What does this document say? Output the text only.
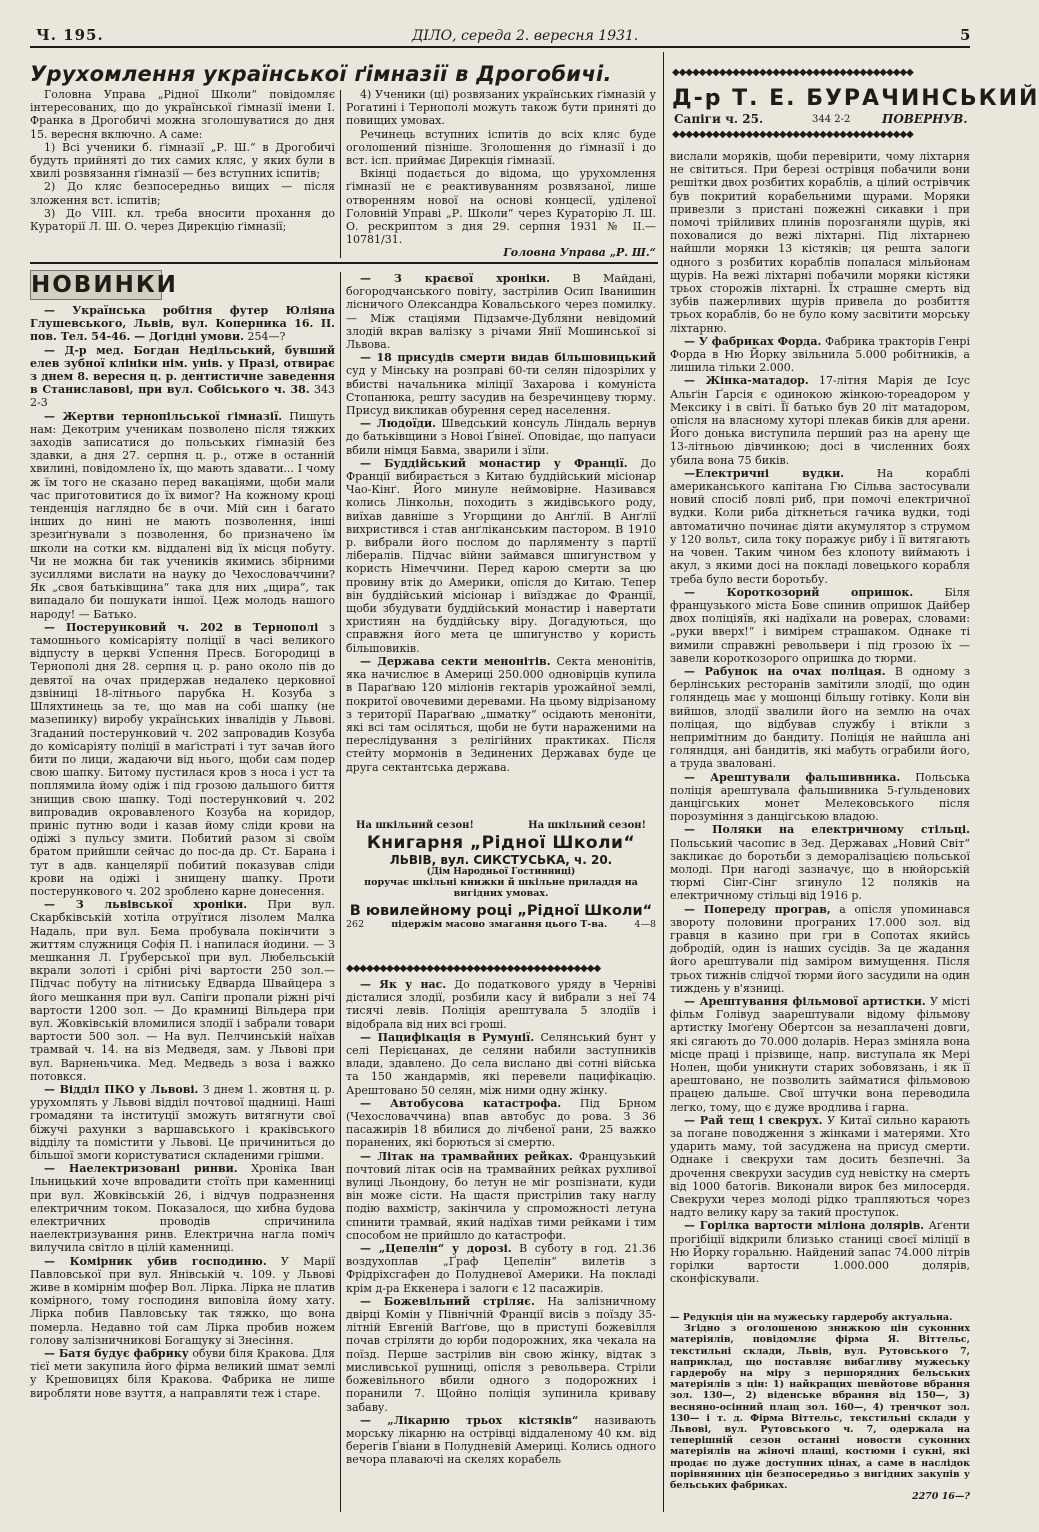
Ч. 195.	ДІЛО, середа 2. вересня 1931.	5
Урухомлення української ґімназії в Дрогобичі.

Головна Управа „Рідної Школи“ повідомляє інтересованих, що до української ґімназії імени І. Франка в Дрогобичі можна зголошуватися до дня 15. вересня включно. А саме:

1) Всі ученики б. ґімназії „Р. Ш.“ в Дрогобичі будуть прийняті до тих самих кляс, у яких були в хвилі розвязання ґімназії — без вступних іспитів;

2) До кляс безпосередньо вищих — після зложення вст. іспитів;

3) До VIII. кл. треба вносити прохання до Кураторії Л. Ш. О. через Дирекцію ґімназії;

4) Ученики (ці) розвязаних українських ґімназій у Рогатині і Тернополі можуть також бути приняті до повищих умовах.

Речинець вступних іспитів до всіх кляс буде оголошений пізніше. Зголошення до ґімназії і до вст. ісп. приймає Дирекція ґімназії.

Вкінці подається до відома, що урухомлення ґімназії не є реактивуванням розвязаної, лише отворенням нової на основі концесії, уділеної Головній Управі „Р. Школи“ через Кураторію Л. Ш. О. рескриптом з дня 29. серпня 1931 № II.—10781/31.

Головна Управа „Р. Ш.“

◆◆◆◆◆◆◆◆◆◆◆◆◆◆◆◆◆◆◆◆◆◆◆◆◆◆◆◆◆◆◆◆◆◆◆◆
Д-р Т. Е. БУРАЧИНСЬКИЙ
Сапіги ч. 25.	344 2-2	ПОВЕРНУВ.
◆◆◆◆◆◆◆◆◆◆◆◆◆◆◆◆◆◆◆◆◆◆◆◆◆◆◆◆◆◆◆◆◆◆◆◆
НОВИНКИ

— Українська робітня футер Юліяна Глушевського, Львів, вул. Коперника 16. II. пов. Тел. 54-46. — Догідні умови. 254—?

— Д-р мед. Богдан Недільський, бувший елев зубної клініки нім. унів. у Празі, отвирає з днем 8. вересня ц. р. дентистичне заведення в Станиславові, при вул. Собіського ч. 38. 343 2-3

— Жертви тернопільської ґімназії. Пишуть нам: Декотрим ученикам позволено після тяжких заходів записатися до польських ґімназій без здавки, а дня 27. серпня ц. р., отже в останній хвилині, повідомлено їх, що мають здавати... І чому ж їм того не сказано перед вакаціями, щоби мали час приготовитися до їх вимог? На кожному кроці тенденція наглядно бє в очи. Мій син і багато інших до нині не мають позволення, інші зрезиґнували з позволення, бо призначено їм школи на сотки км. віддалені від їх місця побуту. Чи не можна би так учеників якимись збірними зусиллями вислати на науку до Чехословаччини? Як „своя батьківщина“ така для них „щира“, так випадало би пошукати іншої. Цеж молодь нашого народу! — Батько.

— Постерунковий ч. 202 в Тернополі з тамошнього комісаріяту поліції в часі великого відпусту в церкві Успення Пресв. Богородиці в Тернополі дня 28. серпня ц. р. рано около пів до девятої на очах придержав недалеко церковної дзвіниці 18-літнього парубка Н. Козуба з Шляхтинець за те, що мав на собі шапку (не мазепинку) виробу українських інвалідів у Львові. Згаданий постерунковий ч. 202 запровадив Козуба до комісаріяту поліції в маґістраті і тут зачав його бити по лици, жадаючи від нього, щоби сам подер свою шапку. Битому пустилася кров з носа і уст та поплямила йому одіж і під грозою дальшого биття знищив свою шапку. Тоді постерунковий ч. 202 випровадив окровавленого Козуба на коридор, приніс путню води і казав йому сліди крови на одіжі з пульсу змити. Побитий разом зі своїм братом прийшли сейчас до пос-да др. Ст. Барана і тут в адв. канцелярії побитий показував сліди крови на одіжі і знищену шапку. Проти постерункового ч. 202 зроблено карне донесення.

— З львівської хроніки. При вул. Скарбківській хотіла отруїтися лізолем Малка Надаль, при вул. Бема пробувала покінчити з життям служниця Софія П. і напилася йодини. — З мешкання Л. Ґруберської при вул. Любельській вкрали золоті і срібні річі вартости 250 зол.—Підчас побуту на літниську Едварда Швайцера з його мешкання при вул. Сапіги пропали ріжні річі вартости 1200 зол. — До крамниці Вільдера при вул. Жовківській вломилися злодії і забрали товари вартости 500 зол. — На вул. Пелчинській наїхав трамвай ч. 14. на віз Медведя, зам. у Львові при вул. Варненьчика. Мед. Медведь з воза і важко потовкся.

— Відділ ПКО у Львові. З днем 1. жовтня ц. р. урухомлять у Львові відділ почтової щадниці. Наші громадяни та інституції зможуть витягнути свої біжучі рахунки з варшавського і краківського відділу та помістити у Львові. Це причиниться до більшої змоги користуватися складеними грішми.

— Наелектризовані ринви. Хроніка Іван Ільницький хоче впровадити стоїть при каменниці при вул. Жовківській 26, і відчув подразнення електричним током. Показалося, що хибна будова електричних проводів спричинила наелектризування ринв. Електрична нагла поміч вилучила світло в цілій каменниці.

— Комірник убив господиню. У Марії Павловської при вул. Янівській ч. 109. у Львові живе в комірнім шофер Вол. Лірка. Лірка не платив комірного, тому господиня виповіла йому хату. Лірка побив Павловську так тяжко, що вона померла. Недавно той сам Лірка пробив ножем голову залізничникові Богащуку зі Знесіння.

— Батя будує фабрику обуви біля Кракова. Для тієї мети закупила його фірма великий шмат землі у Крешовицях біля Кракова. Фабрика не лише виробляти нове взуття, а направляти теж і старе.

— З краєвої хроніки. В Майдані, богородчанського повіту, застрілив Осип Іванишин лісничого Олександра Ковальського через помилку. — Між стаціями Підзамче-Дубляни невідомий злодій вкрав валізку з річами Янії Мошинської зі Львова.

— 18 присудів смерти видав більшовицький суд у Мінську на розправі 60-ти селян підозрілих у вбистві начальника міліції Захарова і комуніста Стопанюка, решту засудив на безречинцеву тюрму. Присуд викликав обурення серед населення.

— Людоїди. Шведський консуль Ліндаль вернув до батьківщини з Новоі Ґвінеї. Оповідає, що папуаси вбили німця Бавма, зварили і зїли.

— Буддійський монастир у Франції. До Франції вибирається з Китаю буддійський місіонар Чао-Кінґ. Його минуле неймовірне. Називався колись Лінкольн, походить з жидівського роду, виїхав давніше з Угорщини до Анґлії. В Анґлії вихристився і став анґліканським пастором. В 1910 р. вибрали його послом до парляменту з партії лібералів. Підчас війни займався шпигунством у користь Німеччини. Перед карою смерти за цю провину втік до Америки, опісля до Китаю. Тепер він буддійський місіонар і виїзджає до Франції, щоби збудувати буддійський монастир і навертати християн на буддійську віру. Догадуються, що справжня його мета це шпигунство у користь більшовиків.

— Держава секти менонітів. Секта менонітів, яка начислює в Америці 250.000 одновірців купила в Параґваю 120 міліонів гектарів урожайної землі, покритої овочевими деревами. На цьому відрізаному з території Параґваю „шматку“ осідають меноніти, які всі там осіляться, щоби не бути нараженими на переслідування з релігійних практиках. Після стейту мормонів в Зединених Державах буде це друга сектантська держава.

На шкільний сезон!	На шкільний сезон!
Книгарня „Рідної Школи“
ЛЬВІВ, вул. СИКСТУСЬКА, ч. 20.
(Дім Народньої Гостинниці)
поручає шкільні книжки й шкільне приладдя на вигідних умовах.
В ювилейному році „Рідної Школи“
262	підержім масово змагання цього Т-ва.	4—8
◆◆◆◆◆◆◆◆◆◆◆◆◆◆◆◆◆◆◆◆◆◆◆◆◆◆◆◆◆◆◆◆◆◆◆◆◆◆

— Як у нас. До податкового уряду в Черніві дісталися злодії, розбили касу й вибрали з неї 74 тисячі левів. Поліція арештувала 5 злодіїв і відобрала від них всі гроші.

— Пацифікація в Румунії. Селянський бунт у селі Перієцанах, де селяни набили заступників влади, здавлено. До села вислано дві сотні війська та 150 жандармів, які перевели пацифікацію. Арештовано 50 селян, між ними одну жінку.

— Автобусова катастрофа. Під Брном (Чехословаччина) впав автобус до рова. З 36 пасажирів 18 вбилися до лічбеної рани, 25 важко поранених, які борються зі смертю.

— Літак на трамвайних рейках. Французький почтовий літак осів на трамвайних рейках рухливої вулиці Льондону, бо летун не міг розпізнати, куди він може сісти. На щастя пристрілив таку наглу подію вахмістр, закінчила у спроможності летуна спинити трамвай, який надїхав тими рейками і тим способом не прийшло до катастрофи.

— „Цепелін“ у дорозі. В суботу в год. 21.36 воздухоплав „Ґраф Цепелін“ вилетів з Фрідріхсгафен до Полудневої Америки. На покладі крім д-ра Еккенера і залоги є 12 пасажирів.

— Божевільний стріляє. На залізничному двірці Комін у Північній Франції висів з поїзду 35-літній Евгеній Ваґґове, що в приступі божевілля почав стріляти до юрби подорожних, яка чекала на поїзд. Перше застрілив він свою жінку, відтак з мисливської рушниці, опісля з револьвера. Стріли божевільного вбили одного з подорожних і поранили 7. Щойно поліція зупинила криваву забаву.

— „Лікарню трьох кістяків“ називають морську лікарню на острівці віддаленому 40 км. від берегів Ґвіани в Полудневій Америці. Колись одного вечора плаваючі на скелях корабель

вислали моряків, щоби перевірити, чому ліхтарня не світиться. При березі острівця побачили вони решітки двох розбитих кораблів, а цілий острівчик був покритий корабельними щурами. Моряки привезли з пристані пожежні сикавки і при помочі трійливих плинів порозганяли щурів, які поховалися до вежі ліхтарні. Під ліхтарнею найшли моряки 13 кістяків; ця решта залоги одного з розбитих кораблів попалася мільйонам щурів. На вежі ліхтарні побачили моряки кістяки трьох сторожів ліхтарні. Їх страшне смерть від зубів пажерливих щурів привела до розбиття трьох кораблів, бо не було кому засвітити морську ліхтарню.

— У фабриках Форда. Фабрика тракторів Генрі Форда в Ню Йорку звільнила 5.000 робітників, а лишила тільки 2.000.

— Жінка-матадор. 17-літня Марія де Ісус Альґін Ґарсія є одинокою жінкою-тореадором у Мексику і в світі. Її батько був 20 літ матадором, опісля на власному хуторі плекав биків для арени. Його донька виступила перший раз на арену ще 13-літньою дівчинкою; досі в численних боях убила вона 75 биків.

—Електричні вудки.	На кораблі американського капітана Гю Сільва застосували новий спосіб ловлі риб, при помочі електричної вудки. Коли риба діткнеться гачика вудки, тоді автоматично починає діяти акумулятор з струмом у 120 вольт, сила току поражує рибу і її витягають на човен. Таким чином без клопоту виймають і акул, з якими досі на покладі ловецького корабля треба було вести боротьбу.

— Короткозорий опришок.	Біля французького міста Бове спинив опришок Дайбер двох поліціяїв, які надїхали на роверах, словами: „руки вверх!“ і вимірем страшаком. Однаке ті вимили справжні револьвери і під грозою їх — завели короткозорого опришка до тюрми.

— Рабунок на очах поліцая. В одному з берлінських ресторанів замітили злодії, що один голяндець має у мошонці більшу готівку. Коли він вийшов, злодії звалили його на землю на очах поліцая, що відбував службу і втікли з непримітним до бандиту. Поліція не найшла ані голяндця, ані бандитів, які мабуть ограбили його, а труда зваловані.

— Арештували фальшивника. Польська поліція арештувала фальшивника 5-ґульденових данцігських монет Мелековського після порозуміння з данцігською владою.

— Поляки на електричному стільці. Польський часопис в Зед. Державах „Новий Світ“ закликає до боротьби з деморалізацією польської молоді. При нагоді зазначує, що в нюйорській тюрмі Сінг-Сінг згинуло 12 поляків на електричному стільці від 1916 р.

— Попереду програв, а опісля упоминався звороту половини програних 17.000 зол. від гравця в казино при гри в Сопотах якийсь добродій, один із наших сусідів. За це жадання його арештували під заміром вимущення. Після трьох тижнів слідчої тюрми його засудили на один тиждень у в'язниці.

— Арештування фільмової артистки. У місті фільм Голівуд заарештували відому фільмову артистку Імоґену Обертсон за незаплачені довги, які сягають до 70.000 доларів. Нераз зміняла вона місце праці і прізвище, напр. виступала як Мері Нолен, щоби уникнути старих зобовязань, і як її арештовано, не позволить займатися фільмовою працею дальше. Свої штучки вона переводила легко, тому, що є дуже вродлива і гарна.

— Рай тещ і свекрух. У Китаї сильно карають за погане поводження з жінками і матерями. Хто ударить маму, той засуджена на присуд смерти. Однаке і свекрухи там досить безпечні. За дрочення свекрухи засудив суд невістку на смерть від 1000 батогів. Виконали вирок без милосердя. Свекрухи через молоді рідко трапляються чорез надто велику кару за такий проступок.

— Горілка вартости міліона долярів. Аґенти прогібіції відкрили близько станиці своєї міліції в Ню Йорку горальню. Найдений запас 74.000 літрів горілки вартости 1.000.000 долярів, сконфіскували.

— Редукція цін на мужеську гардеробу актуальна.

Згідно з оголошеною знижкою цін суконних матеріялів, повідомляє фірма Я. Віттельс, текстильні склади, Львів, вул. Рутовського 7, наприклад, що поставляє вибагливу мужеську гардеробу на міру з першорядних бельських матеріялів з цін: 1) найкращих шевйотове вбрання зол. 130—, 2) віденське вбрання від 150—, 3) весняно-осінний плащ зол. 160—, 4) тренчкот зол. 130— і т. д. Фірма Віттельс, текстильні склади у Львові, вул. Рутовського ч. 7, одержала на теперішній сезон останні новости суконних матеріялів на жіночі плащі, костюми і сукні, які продає по дуже доступних цінах, а саме в наслідок порівнянних цін безпосередньо з вигідних закупів у бельських фабриках.

2270 16—?
